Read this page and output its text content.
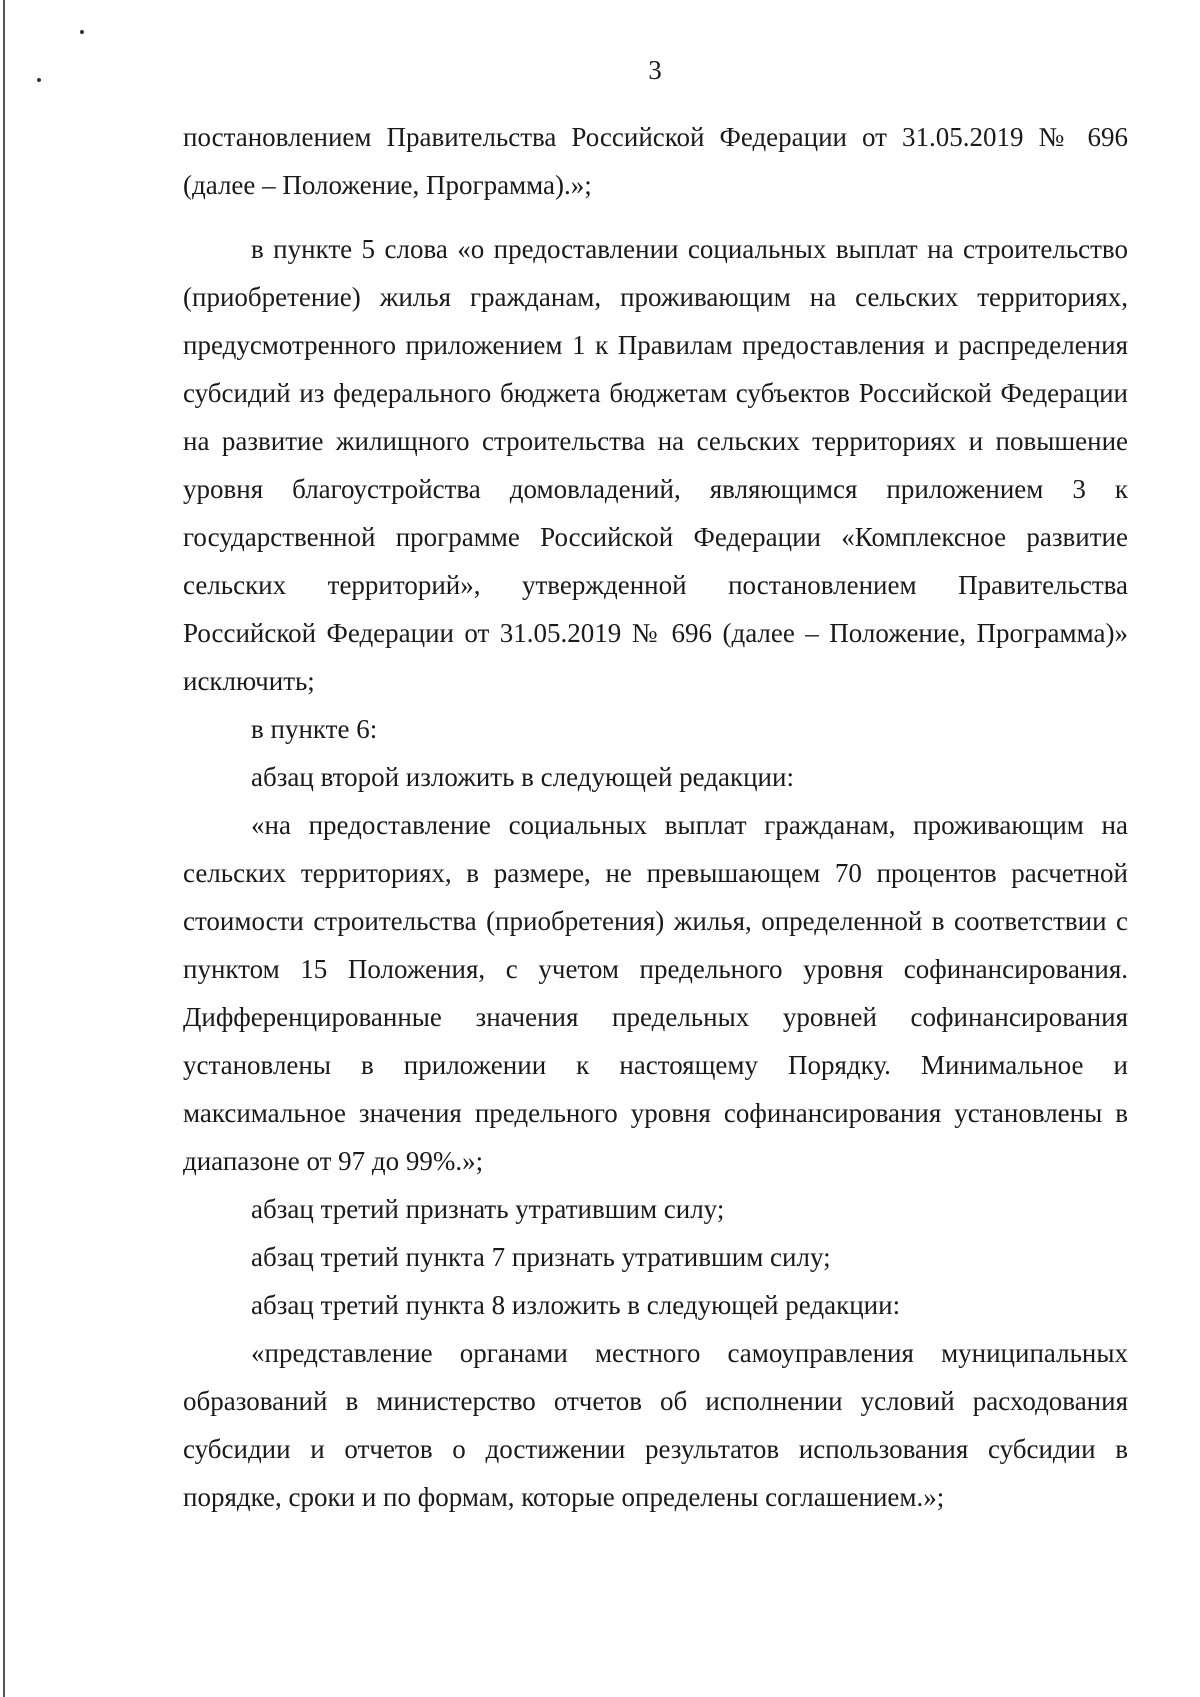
3

постановлением Правительства Российской Федерации от 31.05.2019 № 696 (далее – Положение, Программа).»;

в пункте 5 слова «о предоставлении социальных выплат на строительство (приобретение) жилья гражданам, проживающим на сельских территориях, предусмотренного приложением 1 к Правилам предоставления и распределения субсидий из федерального бюджета бюджетам субъектов Российской Федерации на развитие жилищного строительства на сельских территориях и повышение уровня благоустройства домовладений, являющимся приложением 3 к государственной программе Российской Федерации «Комплексное развитие сельских территорий», утвержденной постановлением Правительства Российской Федерации от 31.05.2019 № 696 (далее – Положение, Программа)» исключить;

в пункте 6:

абзац второй изложить в следующей редакции:

«на предоставление социальных выплат гражданам, проживающим на сельских территориях, в размере, не превышающем 70 процентов расчетной стоимости строительства (приобретения) жилья, определенной в соответствии с пунктом 15 Положения, с учетом предельного уровня софинансирования. Дифференцированные значения предельных уровней софинансирования установлены в приложении к настоящему Порядку. Минимальное и максимальное значения предельного уровня софинансирования установлены в диапазоне от 97 до 99%.»;

абзац третий признать утратившим силу;

абзац третий пункта 7 признать утратившим силу;

абзац третий пункта 8 изложить в следующей редакции:

«представление органами местного самоуправления муниципальных образований в министерство отчетов об исполнении условий расходования субсидии и отчетов о достижении результатов использования субсидии в порядке, сроки и по формам, которые определены соглашением.»;
